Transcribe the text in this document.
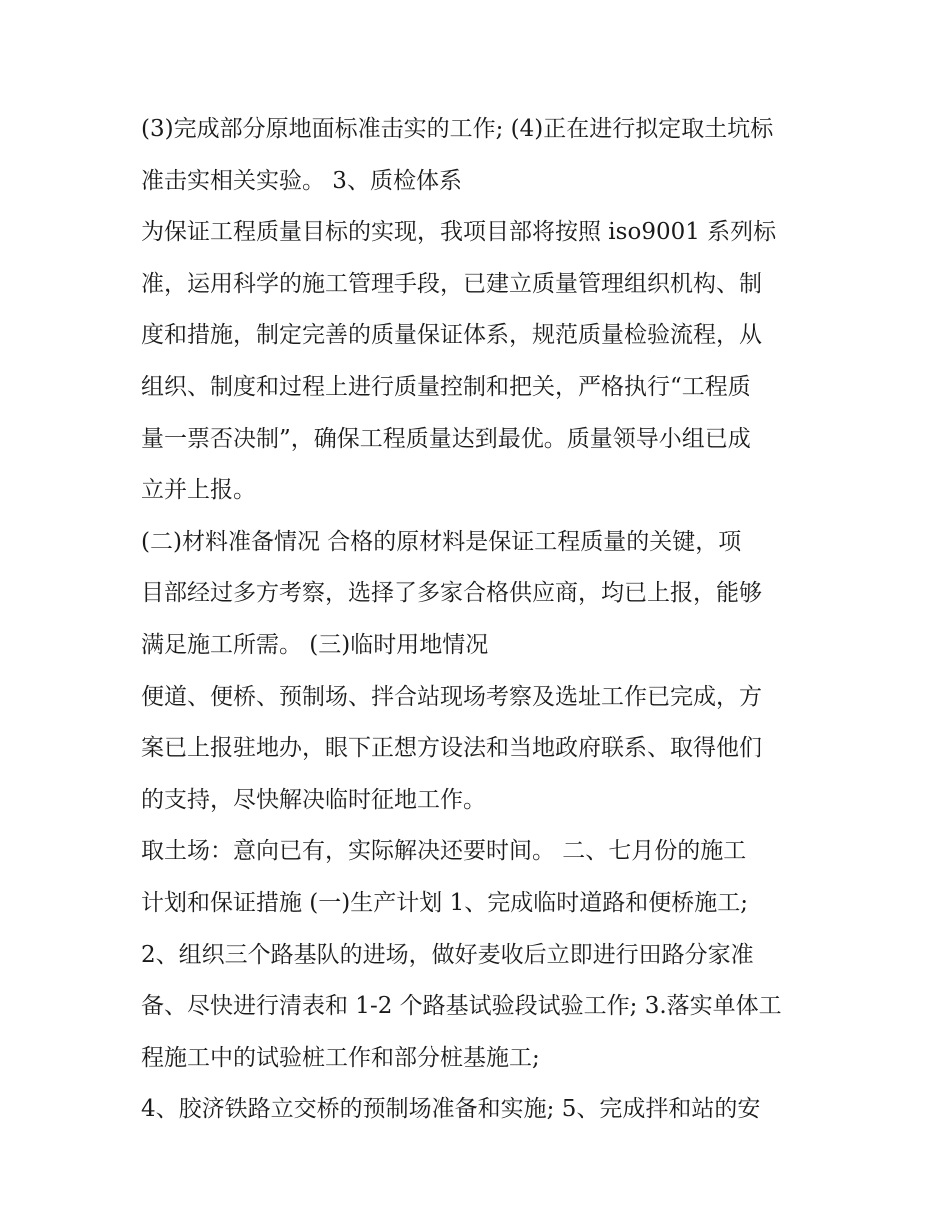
(3)完成部分原地面标准击实的工作; (4)正在进行拟定取土坑标
准击实相关实验。 3、质检体系
为保证工程质量目标的实现，我项目部将按照 iso9001 系列标
准，运用科学的施工管理手段，已建立质量管理组织机构、制
度和措施，制定完善的质量保证体系，规范质量检验流程，从
组织、制度和过程上进行质量控制和把关，严格执行“工程质
量一票否决制”，确保工程质量达到最优。质量领导小组已成
立并上报。
(二)材料准备情况 合格的原材料是保证工程质量的关键，项
目部经过多方考察，选择了多家合格供应商，均已上报，能够
满足施工所需。 (三)临时用地情况
便道、便桥、预制场、拌合站现场考察及选址工作已完成，方
案已上报驻地办，眼下正想方设法和当地政府联系、取得他们
的支持，尽快解决临时征地工作。
取土场：意向已有，实际解决还要时间。 二、七月份的施工
计划和保证措施 (一)生产计划 1、完成临时道路和便桥施工;
2、组织三个路基队的进场，做好麦收后立即进行田路分家准
备、尽快进行清表和 1-2 个路基试验段试验工作; 3.落实单体工
程施工中的试验桩工作和部分桩基施工;
4、胶济铁路立交桥的预制场准备和实施; 5、完成拌和站的安
